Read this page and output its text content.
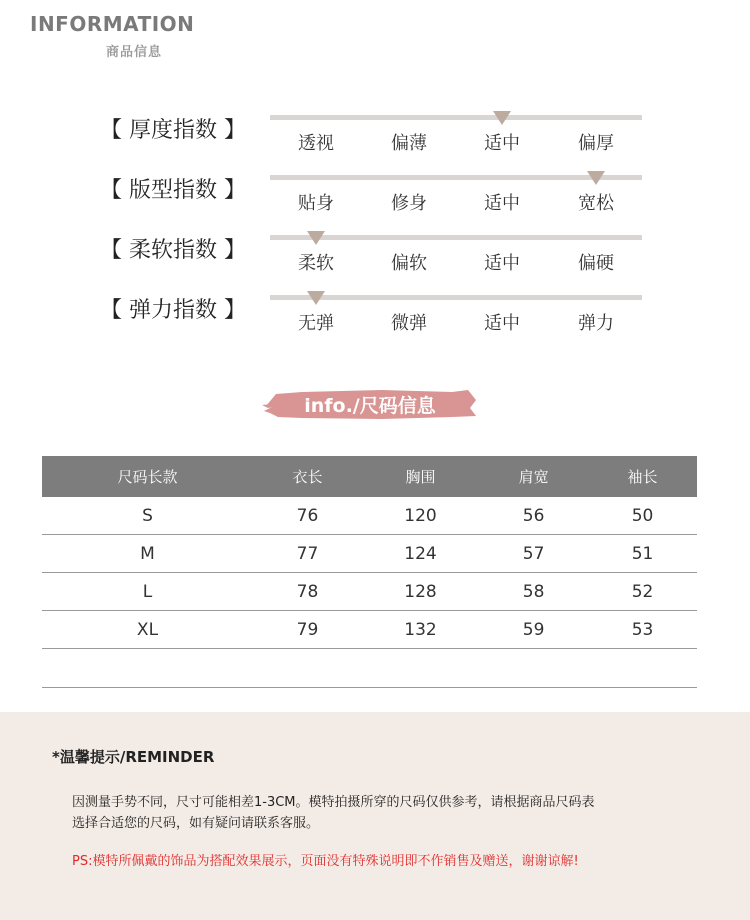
INFORMATION
商品信息
【 厚度指数 】
透视	偏薄	适中	偏厚
【 版型指数 】
贴身	修身	适中	宽松
【 柔软指数 】
柔软	偏软	适中	偏硬
【 弹力指数 】
无弹	微弹	适中	弹力
info./尺码信息
尺码长款	衣长	胸围	肩宽	袖长
S	76	120	56	50
M	77	124	57	51
L	78	128	58	52
XL	79	132	59	53

*温馨提示/REMINDER
因测量手势不同，尺寸可能相差1-3CM。模特拍摄所穿的尺码仅供参考，请根据商品尺码表
选择合适您的尺码，如有疑问请联系客服。
PS:模特所佩戴的饰品为搭配效果展示，页面没有特殊说明即不作销售及赠送，谢谢谅解!
